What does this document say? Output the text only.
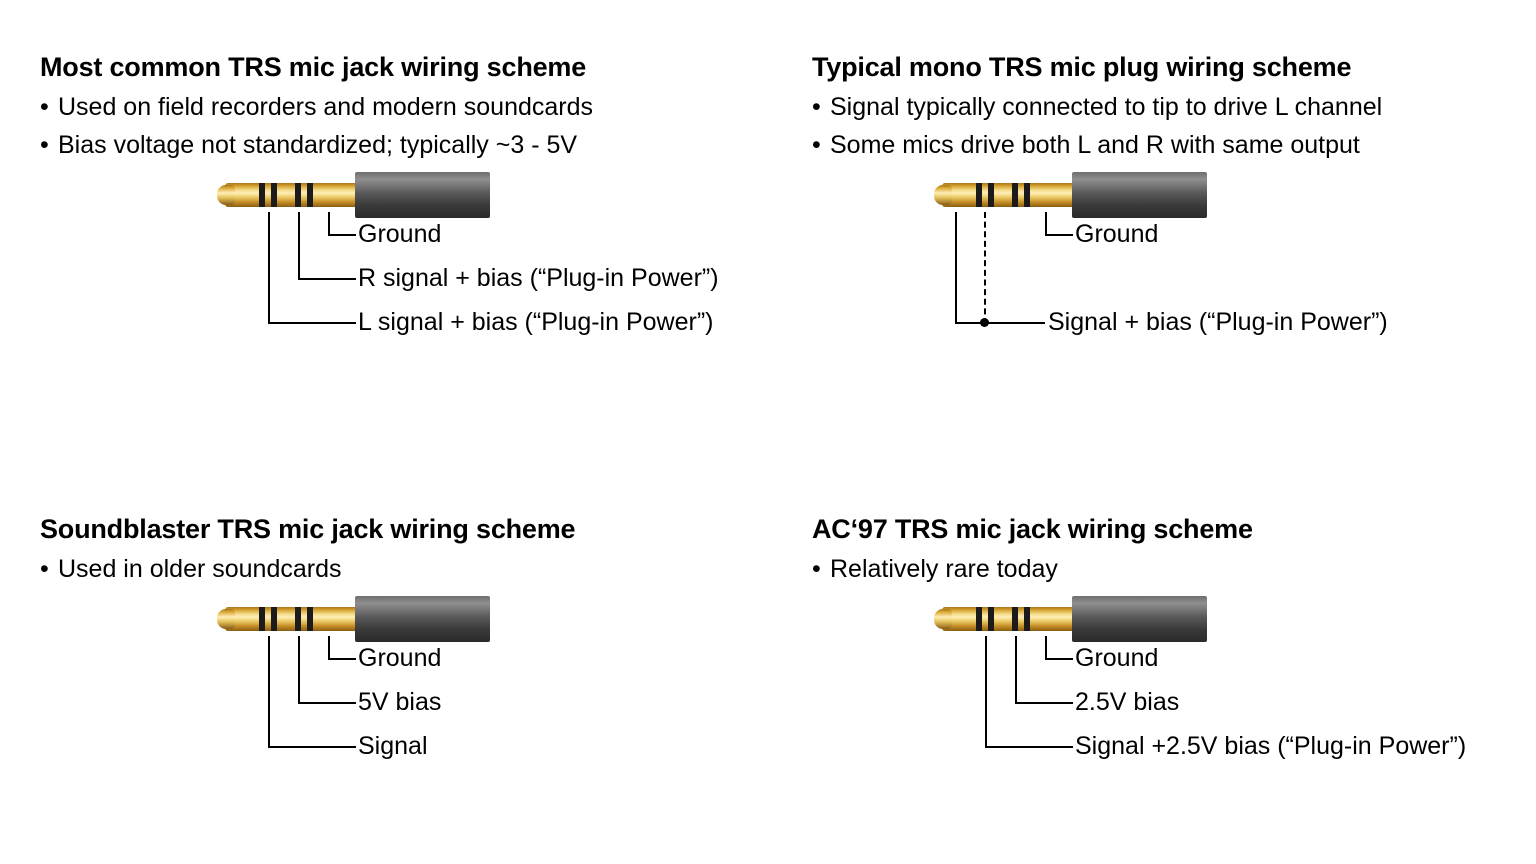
Most common TRS mic jack wiring scheme
• Used on field recorders and modern soundcards
• Bias voltage not standardized; typically ~3 - 5V
Ground
R signal + bias (“Plug-in Power”)
L signal + bias (“Plug-in Power”)
Typical mono TRS mic plug wiring scheme
• Signal typically connected to tip to drive L channel
• Some mics drive both L and R with same output
Ground
Signal + bias (“Plug-in Power”)
Soundblaster TRS mic jack wiring scheme
• Used in older soundcards
Ground
5V bias
Signal
AC‘97 TRS mic jack wiring scheme
• Relatively rare today
Ground
2.5V bias
Signal +2.5V bias (“Plug-in Power”)
